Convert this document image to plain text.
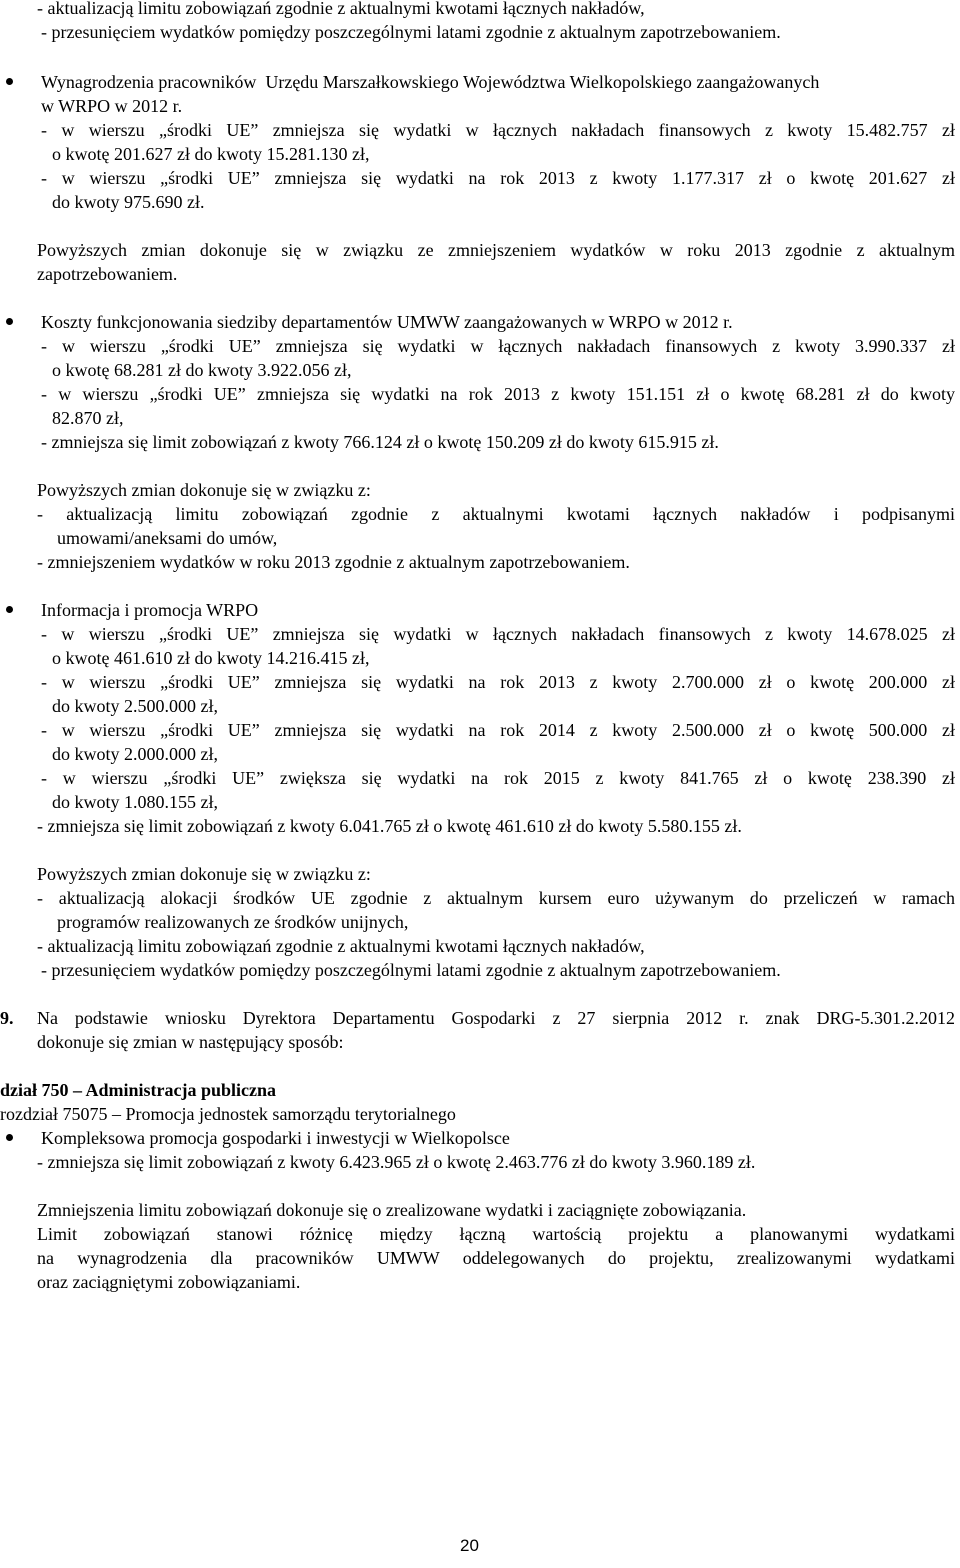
- aktualizacją limitu zobowiązań zgodnie z aktualnymi kwotami łącznych nakładów,
- przesunięciem wydatków pomiędzy poszczególnymi latami zgodnie z aktualnym zapotrzebowaniem.
Wynagrodzenia pracowników  Urzędu Marszałkowskiego Województwa Wielkopolskiego zaangażowanych
w WRPO w 2012 r.
- w wierszu „środki UE” zmniejsza się wydatki w łącznych nakładach finansowych z kwoty 15.482.757 zł
o kwotę 201.627 zł do kwoty 15.281.130 zł,
- w wierszu „środki UE” zmniejsza się wydatki na rok 2013 z kwoty 1.177.317 zł o kwotę 201.627 zł
do kwoty 975.690 zł.
Powyższych zmian dokonuje się w związku ze zmniejszeniem wydatków w roku 2013 zgodnie z aktualnym
zapotrzebowaniem.
Koszty funkcjonowania siedziby departamentów UMWW zaangażowanych w WRPO w 2012 r.
- w wierszu „środki UE” zmniejsza się wydatki w łącznych nakładach finansowych z kwoty 3.990.337 zł
o kwotę 68.281 zł do kwoty 3.922.056 zł,
- w wierszu „środki UE” zmniejsza się wydatki na rok 2013 z kwoty 151.151 zł o kwotę 68.281 zł do kwoty
82.870 zł,
- zmniejsza się limit zobowiązań z kwoty 766.124 zł o kwotę 150.209 zł do kwoty 615.915 zł.
Powyższych zmian dokonuje się w związku z:
- aktualizacją limitu zobowiązań zgodnie z aktualnymi kwotami łącznych nakładów i podpisanymi
umowami/aneksami do umów,
- zmniejszeniem wydatków w roku 2013 zgodnie z aktualnym zapotrzebowaniem.
Informacja i promocja WRPO
- w wierszu „środki UE” zmniejsza się wydatki w łącznych nakładach finansowych z kwoty 14.678.025 zł
o kwotę 461.610 zł do kwoty 14.216.415 zł,
- w wierszu „środki UE” zmniejsza się wydatki na rok 2013 z kwoty 2.700.000 zł o kwotę 200.000 zł
do kwoty 2.500.000 zł,
- w wierszu „środki UE” zmniejsza się wydatki na rok 2014 z kwoty 2.500.000 zł o kwotę 500.000 zł
do kwoty 2.000.000 zł,
- w wierszu „środki UE” zwiększa się wydatki na rok 2015 z kwoty 841.765 zł o kwotę 238.390 zł
do kwoty 1.080.155 zł,
- zmniejsza się limit zobowiązań z kwoty 6.041.765 zł o kwotę 461.610 zł do kwoty 5.580.155 zł.
Powyższych zmian dokonuje się w związku z:
- aktualizacją alokacji środków UE zgodnie z aktualnym kursem euro używanym do przeliczeń w ramach
programów realizowanych ze środków unijnych,
- aktualizacją limitu zobowiązań zgodnie z aktualnymi kwotami łącznych nakładów,
- przesunięciem wydatków pomiędzy poszczególnymi latami zgodnie z aktualnym zapotrzebowaniem.
9. Na podstawie wniosku Dyrektora Departamentu Gospodarki z 27 sierpnia 2012 r. znak DRG-5.301.2.2012
dokonuje się zmian w następujący sposób:
dział 750 – Administracja publiczna
rozdział 75075 – Promocja jednostek samorządu terytorialnego
Kompleksowa promocja gospodarki i inwestycji w Wielkopolsce
- zmniejsza się limit zobowiązań z kwoty 6.423.965 zł o kwotę 2.463.776 zł do kwoty 3.960.189 zł.
Zmniejszenia limitu zobowiązań dokonuje się o zrealizowane wydatki i zaciągnięte zobowiązania.
Limit zobowiązań stanowi różnicę między łączną wartością projektu a planowanymi wydatkami
na wynagrodzenia dla pracowników UMWW oddelegowanych do projektu, zrealizowanymi wydatkami
oraz zaciągniętymi zobowiązaniami.
20
